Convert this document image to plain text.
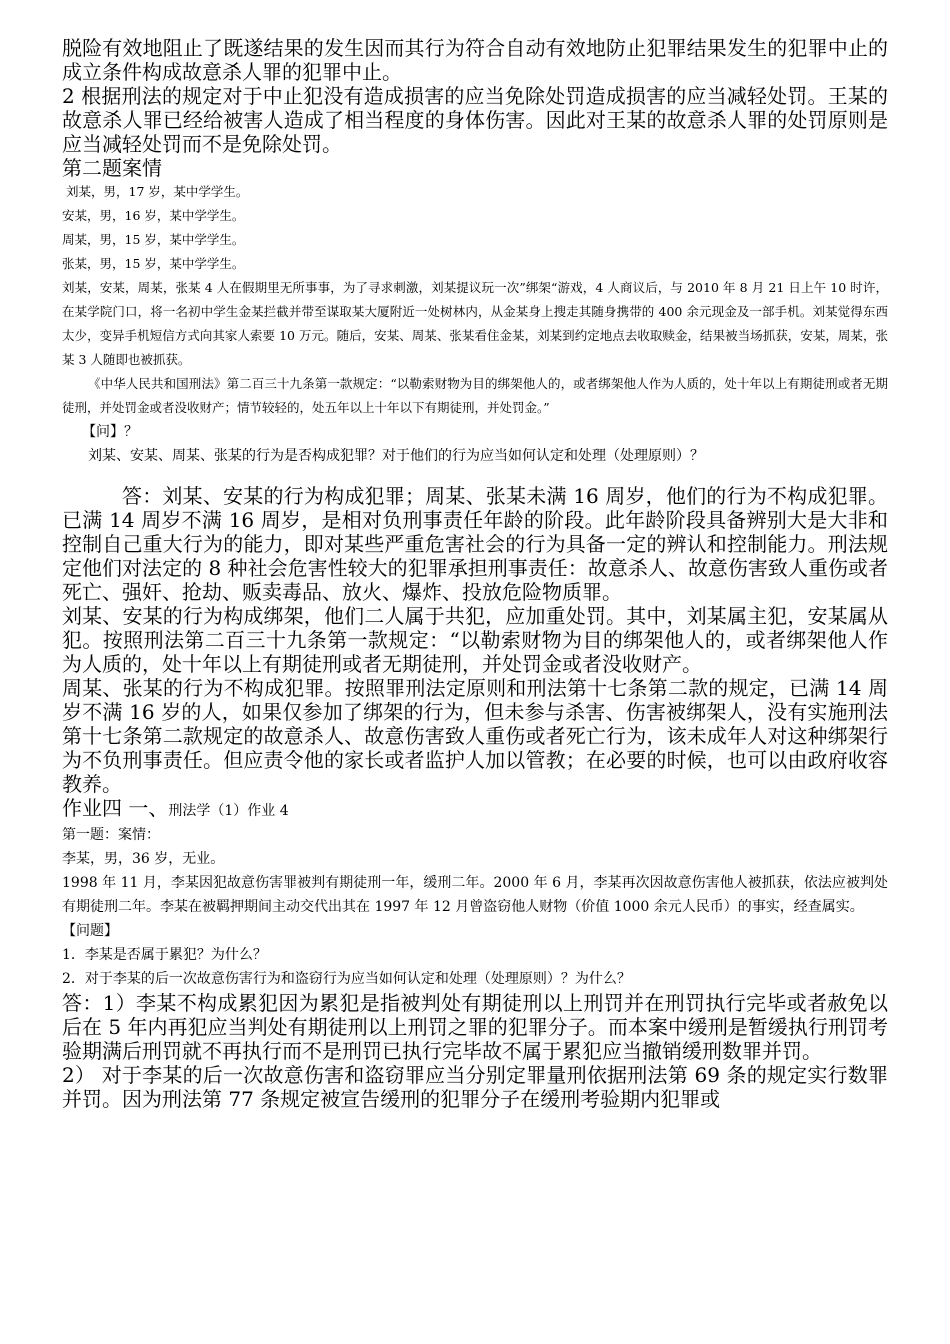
脱险有效地阻止了既遂结果的发生因而其行为符合自动有效地防止犯罪结果发生的犯罪中止的成立条件构成故意杀人罪的犯罪中止。

2 根据刑法的规定对于中止犯没有造成损害的应当免除处罚造成损害的应当减轻处罚。王某的故意杀人罪已经给被害人造成了相当程度的身体伤害。因此对王某的故意杀人罪的处罚原则是应当减轻处罚而不是免除处罚。

第二题案情

刘某，男，17 岁，某中学学生。

安某，男，16 岁，某中学学生。

周某，男，15 岁，某中学学生。

张某，男，15 岁，某中学学生。

刘某，安某，周某，张某 4 人在假期里无所事事，为了寻求刺激，刘某提议玩一次”绑架“游戏，4 人商议后，与 2010 年 8 月 21 日上午 10 时许，在某学院门口，将一名初中学生金某拦截并带至谋取某大厦附近一处树林内，从金某身上搜走其随身携带的 400 余元现金及一部手机。刘某觉得东西太少，变异手机短信方式向其家人索要 10 万元。随后，安某、周某、张某看住金某，刘某到约定地点去收取赎金，结果被当场抓获，安某，周某，张某 3 人随即也被抓获。

《中华人民共和国刑法》第二百三十九条第一款规定：“以勒索财物为目的绑架他人的，或者绑架他人作为人质的，处十年以上有期徒刑或者无期徒刑，并处罚金或者没收财产；情节较轻的，处五年以上十年以下有期徒刑，并处罚金。”

【问】？

刘某、安某、周某、张某的行为是否构成犯罪？对于他们的行为应当如何认定和处理（处理原则）？

答：刘某、安某的行为构成犯罪；周某、张某未满 16 周岁，他们的行为不构成犯罪。已满 14 周岁不满 16 周岁，是相对负刑事责任年龄的阶段。此年龄阶段具备辨别大是大非和控制自己重大行为的能力，即对某些严重危害社会的行为具备一定的辨认和控制能力。刑法规定他们对法定的 8 种社会危害性较大的犯罪承担刑事责任：故意杀人、故意伤害致人重伤或者死亡、强奸、抢劫、贩卖毒品、放火、爆炸、投放危险物质罪。

刘某、安某的行为构成绑架，他们二人属于共犯，应加重处罚。其中，刘某属主犯，安某属从犯。按照刑法第二百三十九条第一款规定：“以勒索财物为目的绑架他人的，或者绑架他人作为人质的，处十年以上有期徒刑或者无期徒刑，并处罚金或者没收财产。

周某、张某的行为不构成犯罪。按照罪刑法定原则和刑法第十七条第二款的规定，已满 14 周岁不满 16 岁的人，如果仅参加了绑架的行为，但未参与杀害、伤害被绑架人，没有实施刑法第十七条第二款规定的故意杀人、故意伤害致人重伤或者死亡行为，该未成年人对这种绑架行为不负刑事责任。但应责令他的家长或者监护人加以管教；在必要的时候，也可以由政府收容教养。

作业四 一、刑法学（1）作业 4

第一题：案情：

李某，男，36 岁，无业。

1998 年 11 月，李某因犯故意伤害罪被判有期徒刑一年，缓刑二年。2000 年 6 月，李某再次因故意伤害他人被抓获，依法应被判处有期徒刑二年。李某在被羁押期间主动交代出其在 1997 年 12 月曾盗窃他人财物（价值 1000 余元人民币）的事实，经查属实。

【问题】

1．李某是否属于累犯？为什么？

2．对于李某的后一次故意伤害行为和盗窃行为应当如何认定和处理（处理原则）？为什么？

答：1）李某不构成累犯因为累犯是指被判处有期徒刑以上刑罚并在刑罚执行完毕或者赦免以后在 5 年内再犯应当判处有期徒刑以上刑罚之罪的犯罪分子。而本案中缓刑是暂缓执行刑罚考验期满后刑罚就不再执行而不是刑罚已执行完毕故不属于累犯应当撤销缓刑数罪并罚。

2） 对于李某的后一次故意伤害和盗窃罪应当分别定罪量刑依据刑法第 69 条的规定实行数罪并罚。因为刑法第 77 条规定被宣告缓刑的犯罪分子在缓刑考验期内犯罪或
